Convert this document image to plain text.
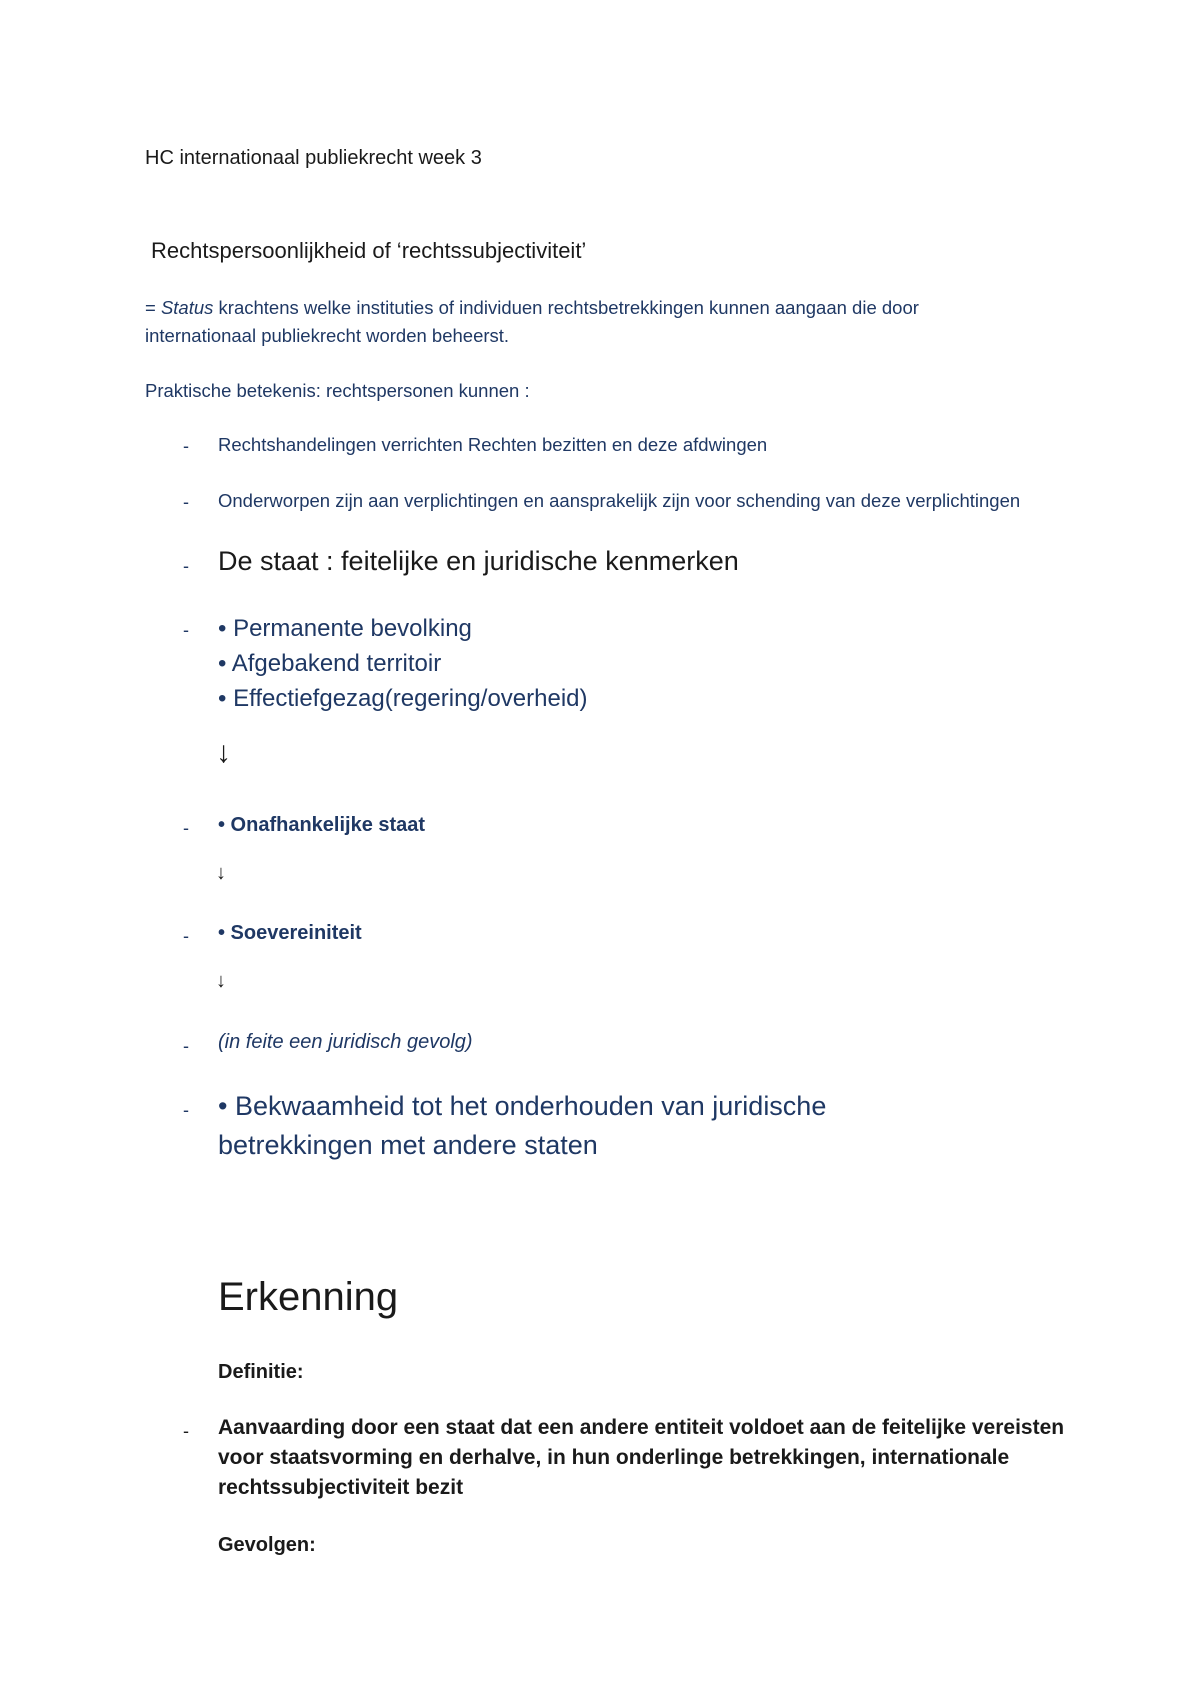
HC internationaal publiekrecht week 3
Rechtspersoonlijkheid of ‘rechtssubjectiviteit’
= Status krachtens welke instituties of individuen rechtsbetrekkingen kunnen aangaan die door
internationaal publiekrecht worden beheerst.
Praktische betekenis: rechtspersonen kunnen :
- Rechtshandelingen verrichten Rechten bezitten en deze afdwingen
- Onderworpen zijn aan verplichtingen en aansprakelijk zijn voor schending van deze verplichtingen
- De staat : feitelijke en juridische kenmerken
- • Permanente bevolking
• Afgebakend territoir
• Effectiefgezag(regering/overheid)
↓
- • Onafhankelijke staat
↓
- • Soevereiniteit
↓
- (in feite een juridisch gevolg)
- • Bekwaamheid tot het onderhouden van juridische
betrekkingen met andere staten
Erkenning
Definitie:
- Aanvaarding door een staat dat een andere entiteit voldoet aan de feitelijke vereisten
voor staatsvorming en derhalve, in hun onderlinge betrekkingen, internationale
rechtssubjectiviteit bezit
Gevolgen:
